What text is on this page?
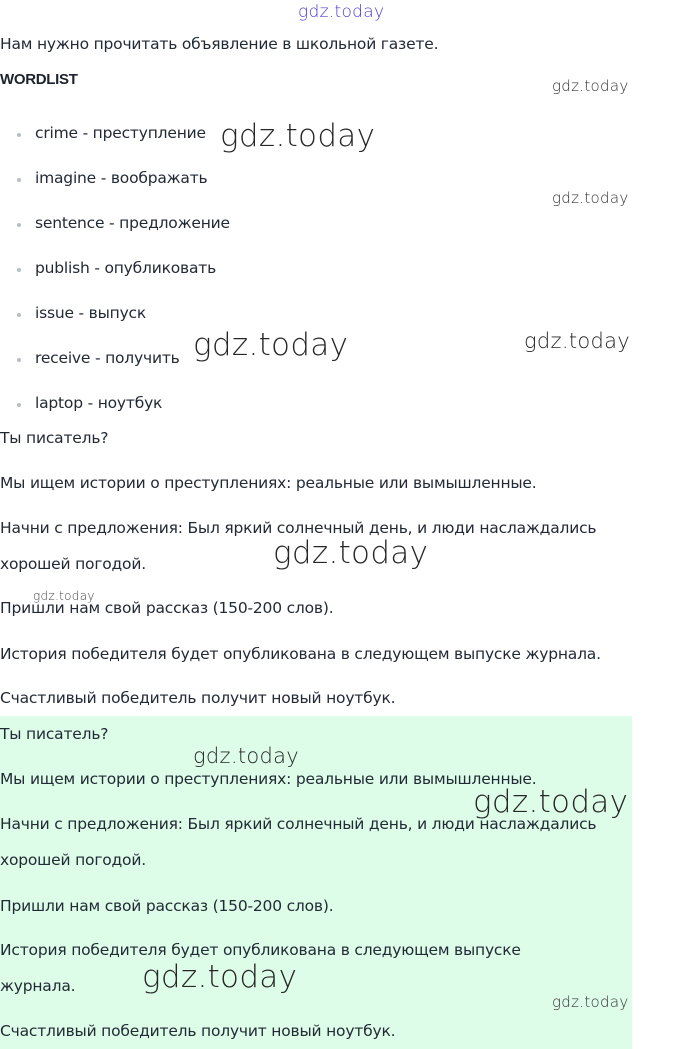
gdz.today
Нам нужно прочитать объявление в школьной газете.
WORDLIST
crime - преступление
imagine - воображать
sentence - предложение
publish - опубликовать
issue - выпуск
receive - получить
laptop - ноутбук
Ты писатель?
Мы ищем истории о преступлениях: реальные или вымышленные.
Начни с предложения: Был яркий солнечный день, и люди наслаждались
хорошей погодой.
Пришли нам свой рассказ (150-200 слов).
История победителя будет опубликована в следующем выпуске журнала.
Счастливый победитель получит новый ноутбук.
Ты писатель?
Мы ищем истории о преступлениях: реальные или вымышленные.
Начни с предложения: Был яркий солнечный день, и люди наслаждались
хорошей погодой.
Пришли нам свой рассказ (150-200 слов).
История победителя будет опубликована в следующем выпуске
журнала.
Счастливый победитель получит новый ноутбук.
gdz.today
gdz.today
gdz.today
gdz.today	gdz.today
gdz.today
gdz.today
gdz.today
gdz.today
gdz.today
gdz.today
